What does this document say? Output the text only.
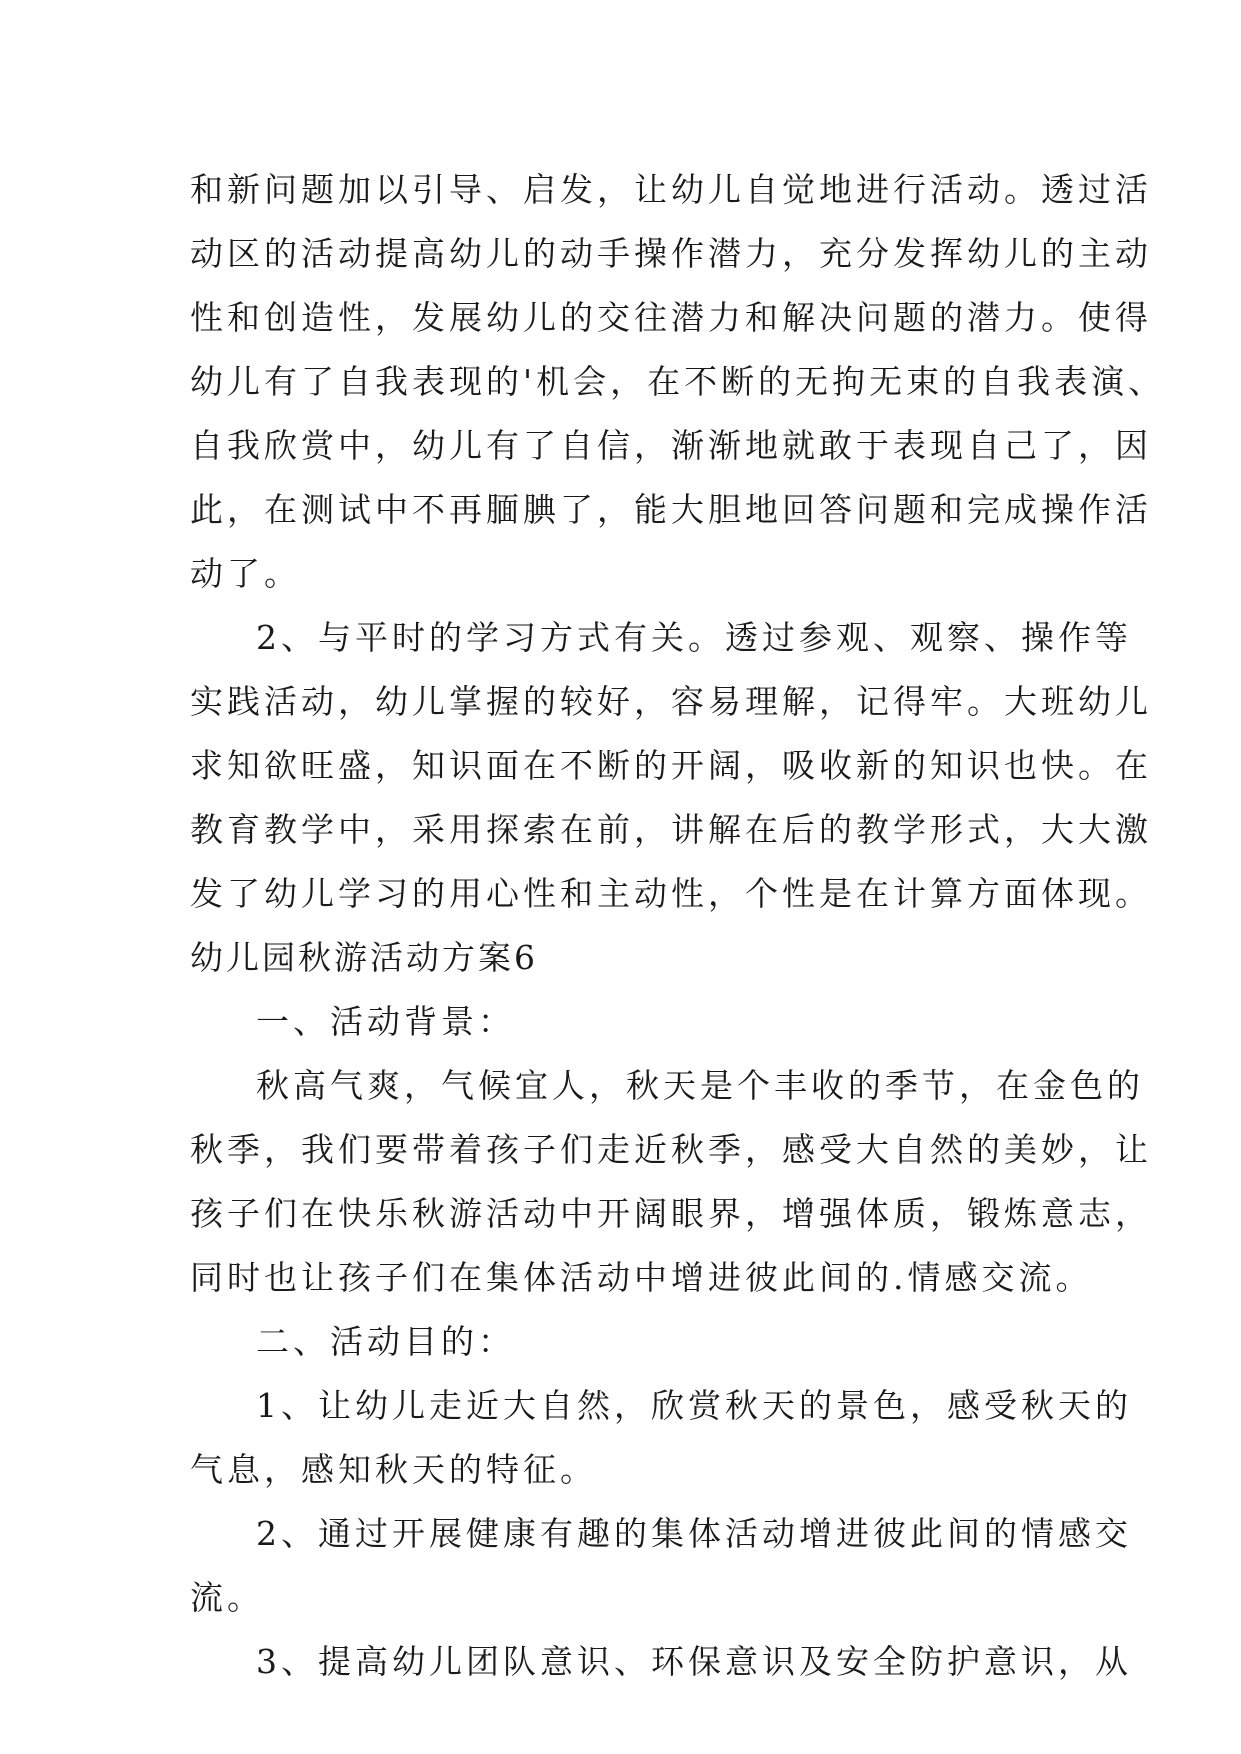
和新问题加以引导、启发，让幼儿自觉地进行活动。透过活
动区的活动提高幼儿的动手操作潜力，充分发挥幼儿的主动
性和创造性，发展幼儿的交往潜力和解决问题的潜力。使得
幼儿有了自我表现的'机会，在不断的无拘无束的自我表演、
自我欣赏中，幼儿有了自信，渐渐地就敢于表现自己了，因
此，在测试中不再腼腆了，能大胆地回答问题和完成操作活
动了。
2、与平时的学习方式有关。透过参观、观察、操作等
实践活动，幼儿掌握的较好，容易理解，记得牢。大班幼儿
求知欲旺盛，知识面在不断的开阔，吸收新的知识也快。在
教育教学中，采用探索在前，讲解在后的教学形式，大大激
发了幼儿学习的用心性和主动性，个性是在计算方面体现。
幼儿园秋游活动方案6
一、活动背景：
秋高气爽，气候宜人，秋天是个丰收的季节，在金色的
秋季，我们要带着孩子们走近秋季，感受大自然的美妙，让
孩子们在快乐秋游活动中开阔眼界，增强体质，锻炼意志，
同时也让孩子们在集体活动中增进彼此间的.情感交流。
二、活动目的：
1、让幼儿走近大自然，欣赏秋天的景色，感受秋天的
气息，感知秋天的特征。
2、通过开展健康有趣的集体活动增进彼此间的情感交
流。
3、提高幼儿团队意识、环保意识及安全防护意识，从
